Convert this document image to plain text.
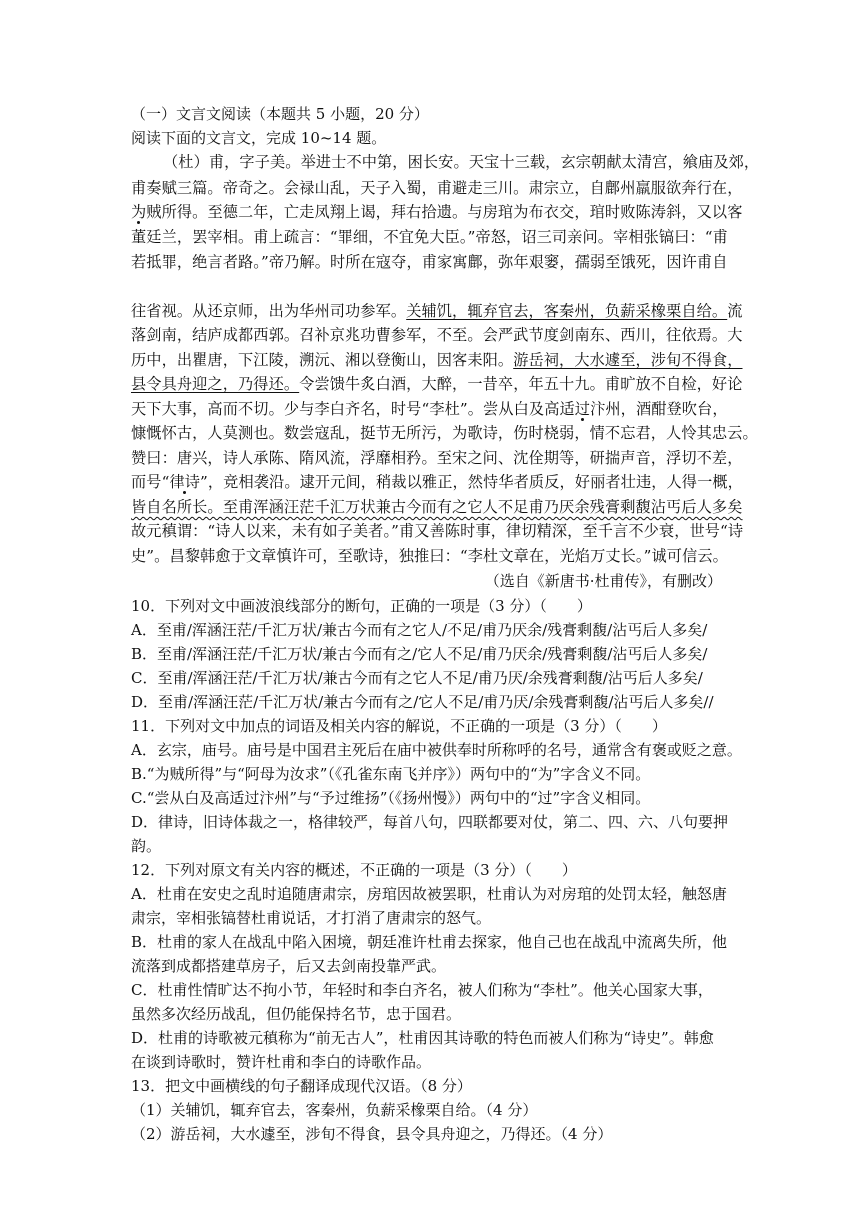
（一）文言文阅读（本题共 5 小题，20 分）
阅读下面的文言文，完成 10~14 题。
（杜）甫，字子美。举进士不中第，困长安。天宝十三载，玄宗朝献太清宫，飨庙及郊，
甫奏赋三篇。帝奇之。会禄山乱，天子入蜀，甫避走三川。肃宗立，自鄜州羸服欲奔行在，
为贼所得。至德二年，亡走凤翔上谒，拜右拾遗。与房琯为布衣交，琯时败陈涛斜，又以客
董廷兰，罢宰相。甫上疏言：“罪细，不宜免大臣。”帝怒，诏三司亲问。宰相张镐曰：“甫
若抵罪，绝言者路。”帝乃解。时所在寇夺，甫家寓鄜，弥年艰窭，孺弱至饿死，因许甫自
往省视。从还京师，出为华州司功参军。关辅饥，辄弃官去，客秦州，负薪采橡栗自给。流
落剑南，结庐成都西郭。召补京兆功曹参军，不至。会严武节度剑南东、西川，往依焉。大
历中，出瞿唐，下江陵，溯沅、湘以登衡山，因客耒阳。游岳祠，大水遽至，涉旬不得食，
县令具舟迎之，乃得还。令尝馈牛炙白酒，大醉，一昔卒，年五十九。甫旷放不自检，好论
天下大事，高而不切。少与李白齐名，时号“李杜”。尝从白及高适过汴州，酒酣登吹台，
慷慨怀古，人莫测也。数尝寇乱，挺节无所污，为歌诗，伤时桡弱，情不忘君，人怜其忠云。
赞曰：唐兴，诗人承陈、隋风流，浮靡相矜。至宋之问、沈佺期等，研揣声音，浮切不差，
而号“律诗”，竞相袭沿。逮开元间，稍裁以雅正，然恃华者质反，好丽者壮违，人得一概，
皆自名所长。至甫浑涵汪茫千汇万状兼古今而有之它人不足甫乃厌余残膏剩馥沾丐后人多矣
故元稹谓：“诗人以来，未有如子美者。”甫又善陈时事，律切精深，至千言不少衰，世号“诗
史”。昌黎韩愈于文章慎许可，至歌诗，独推曰：“李杜文章在，光焰万丈长。”诚可信云。
（选自《新唐书·杜甫传》，有删改）
10．下列对文中画波浪线部分的断句，正确的一项是（3 分）（　　）
A．至甫/浑涵汪茫/千汇万状/兼古今而有之它人/不足/甫乃厌余/残膏剩馥/沾丐后人多矣/
B．至甫/浑涵汪茫/千汇万状/兼古今而有之/它人不足/甫乃厌余/残膏剩馥/沾丐后人多矣/
C．至甫/浑涵汪茫/千汇万状/兼古今而有之它人不足/甫乃厌/余残膏剩馥/沾丐后人多矣/
D．至甫/浑涵汪茫/千汇万状/兼古今而有之/它人不足/甫乃厌/余残膏剩馥/沾丐后人多矣//
11．下列对文中加点的词语及相关内容的解说，不正确的一项是（3 分）（　　）
A．玄宗，庙号。庙号是中国君主死后在庙中被供奉时所称呼的名号，通常含有褒或贬之意。
B.“为贼所得”与“阿母为汝求”（《孔雀东南飞并序》）两句中的“为”字含义不同。
C.“尝从白及高适过汴州”与“予过维扬”（《扬州慢》）两句中的“过”字含义相同。
D．律诗，旧诗体裁之一，格律较严，每首八句，四联都要对仗，第二、四、六、八句要押
韵。
12．下列对原文有关内容的概述，不正确的一项是（3 分）（　　）
A．杜甫在安史之乱时追随唐肃宗，房琯因故被罢职，杜甫认为对房琯的处罚太轻，触怒唐
肃宗，宰相张镐替杜甫说话，才打消了唐肃宗的怒气。
B．杜甫的家人在战乱中陷入困境，朝廷准许杜甫去探家，他自己也在战乱中流离失所，他
流落到成都搭建草房子，后又去剑南投靠严武。
C．杜甫性情旷达不拘小节，年轻时和李白齐名，被人们称为“李杜”。他关心国家大事，
虽然多次经历战乱，但仍能保持名节，忠于国君。
D．杜甫的诗歌被元稹称为“前无古人”，杜甫因其诗歌的特色而被人们称为“诗史”。韩愈
在谈到诗歌时，赞许杜甫和李白的诗歌作品。
13．把文中画横线的句子翻译成现代汉语。（8 分）
（1）关辅饥，辄弃官去，客秦州，负薪采橡栗自给。（4 分）
（2）游岳祠，大水遽至，涉旬不得食，县令具舟迎之，乃得还。（4 分）
